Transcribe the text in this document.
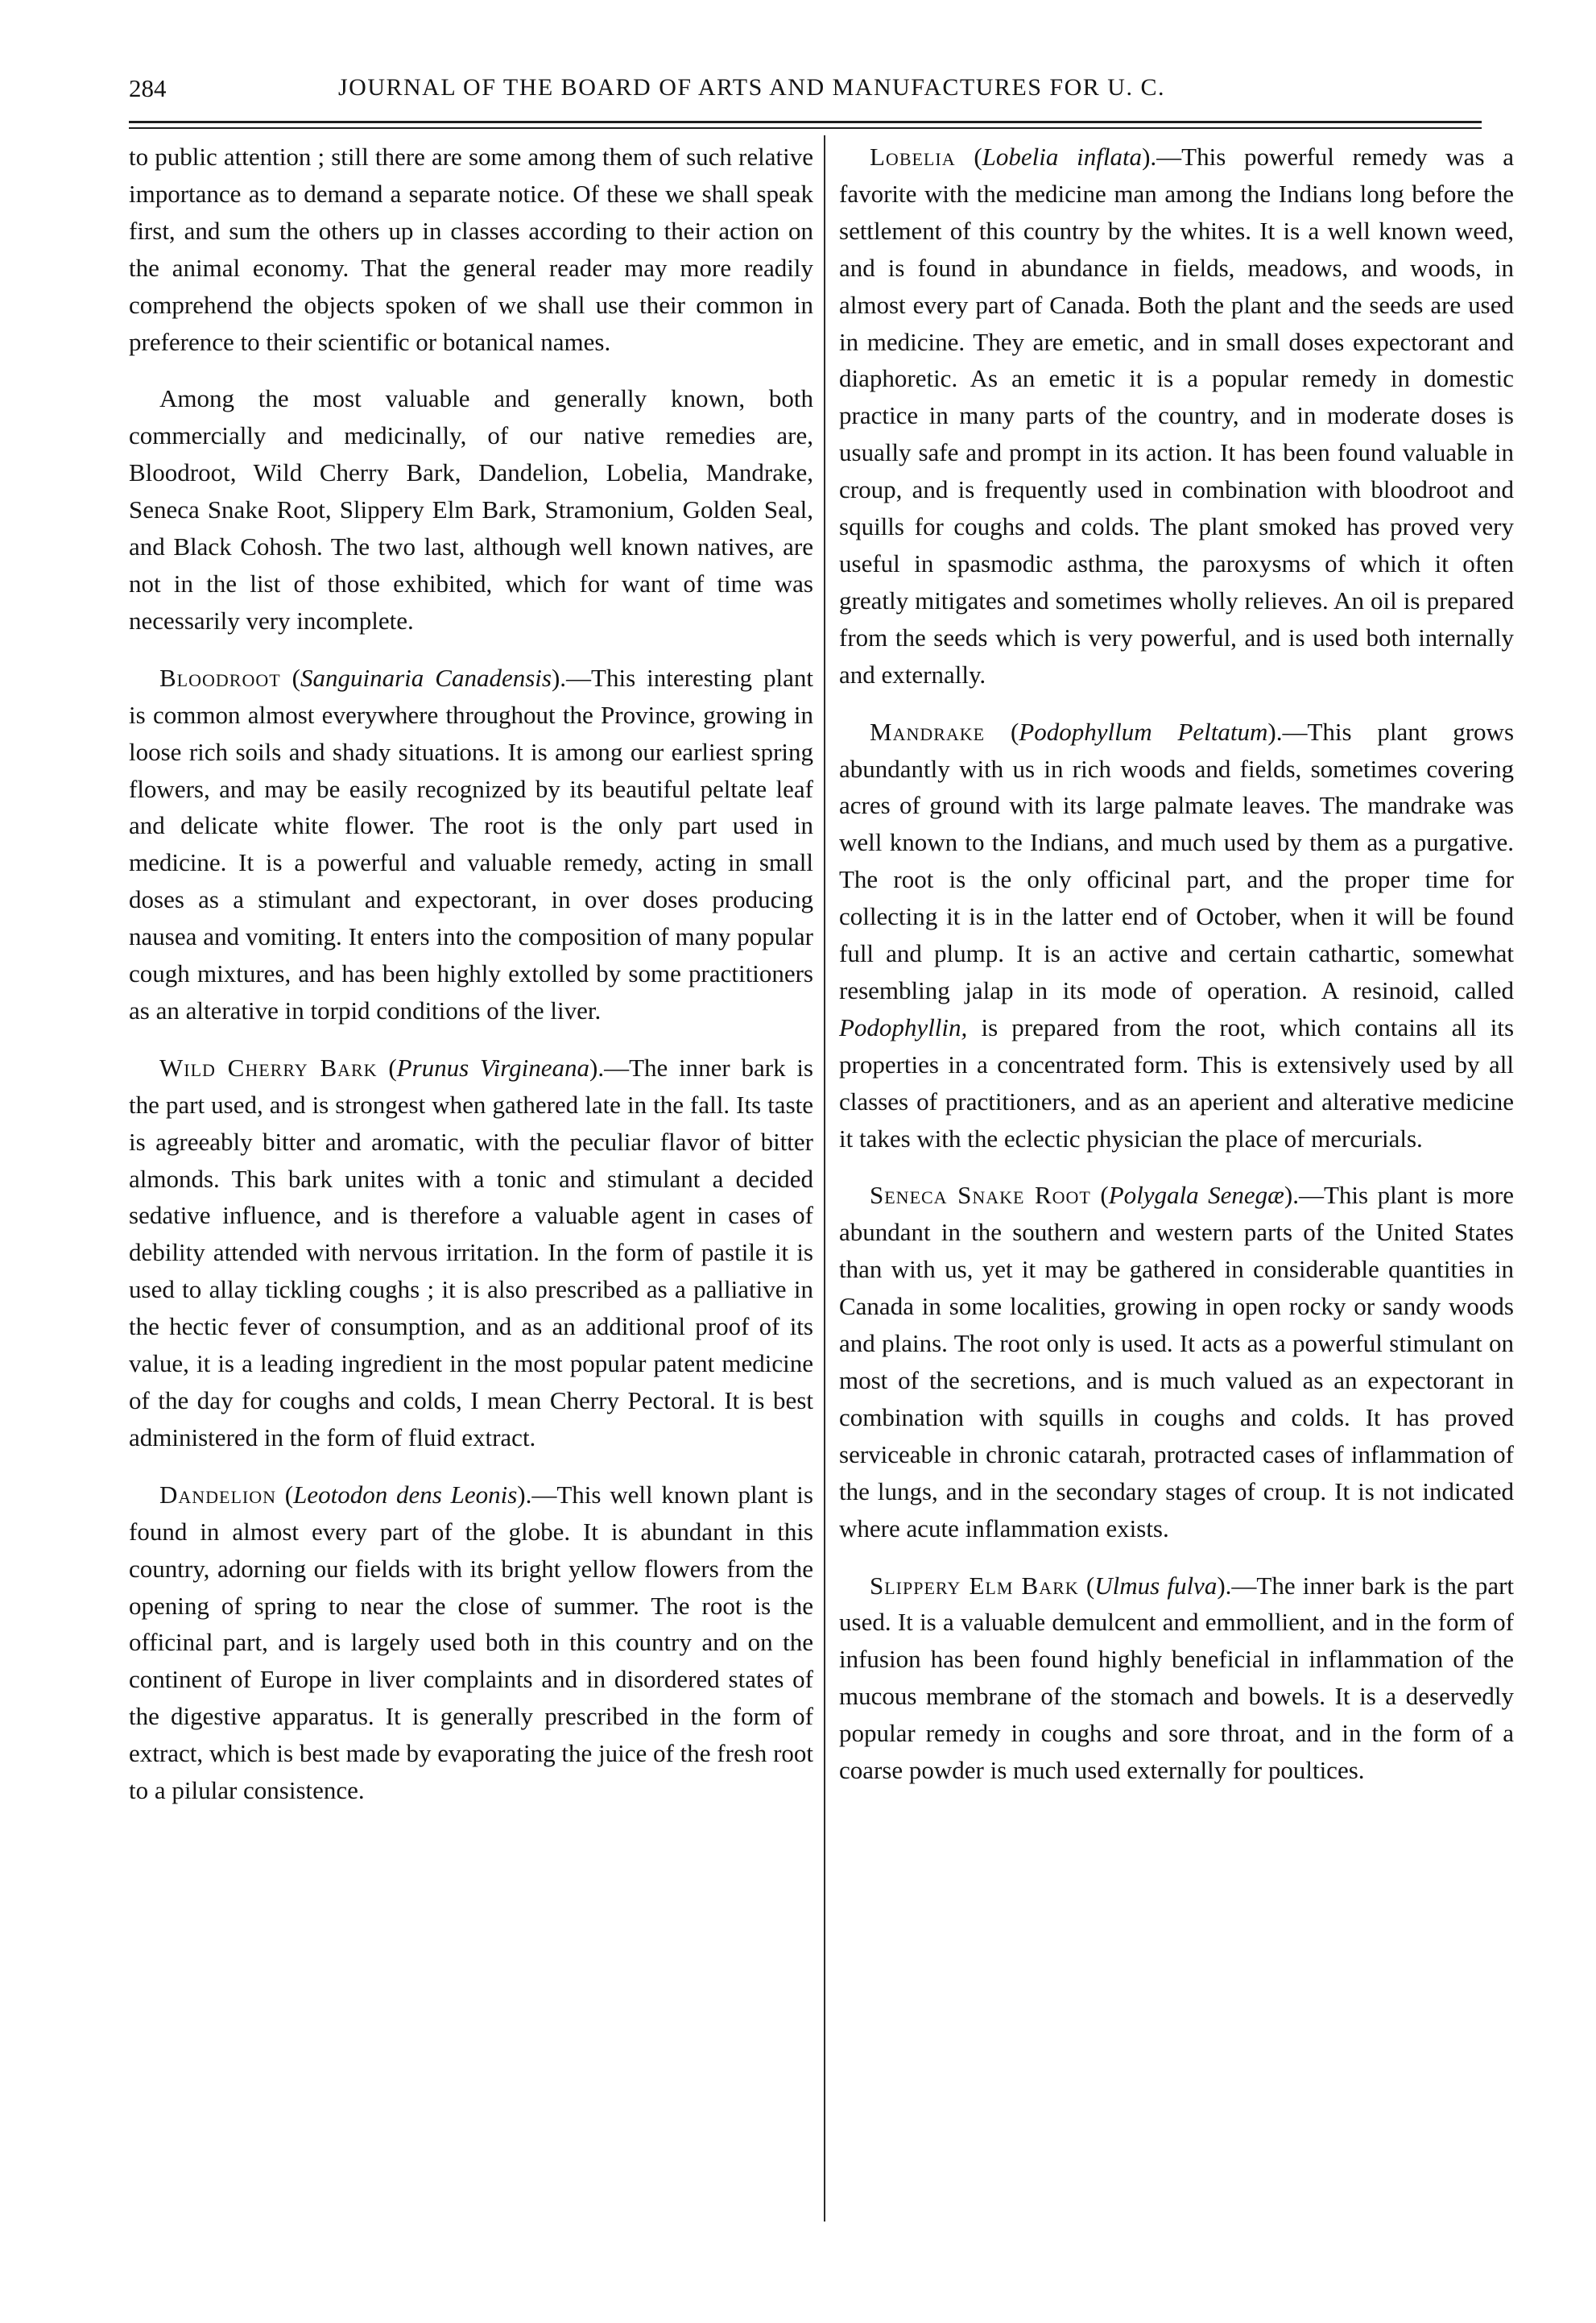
284	JOURNAL OF THE BOARD OF ARTS AND MANUFACTURES FOR U. C.

to public attention ; still there are some among them of such relative importance as to demand a separate notice. Of these we shall speak first, and sum the others up in classes according to their action on the animal economy. That the general reader may more readily comprehend the objects spoken of we shall use their common in preference to their scientific or botanical names.

Among the most valuable and generally known, both commercially and medicinally, of our native remedies are, Bloodroot, Wild Cherry Bark, Dandelion, Lobelia, Mandrake, Seneca Snake Root, Slippery Elm Bark, Stramonium, Golden Seal, and Black Cohosh. The two last, although well known natives, are not in the list of those exhibited, which for want of time was necessarily very incomplete.

Bloodroot (Sanguinaria Canadensis).—This interesting plant is common almost everywhere throughout the Province, growing in loose rich soils and shady situations. It is among our earliest spring flowers, and may be easily recognized by its beautiful peltate leaf and delicate white flower. The root is the only part used in medicine. It is a powerful and valuable remedy, acting in small doses as a stimulant and expectorant, in over doses producing nausea and vomiting. It enters into the composition of many popular cough mixtures, and has been highly extolled by some practitioners as an alterative in torpid conditions of the liver.

Wild Cherry Bark (Prunus Virgineana).—The inner bark is the part used, and is strongest when gathered late in the fall. Its taste is agreeably bitter and aromatic, with the peculiar flavor of bitter almonds. This bark unites with a tonic and stimulant a decided sedative influence, and is therefore a valuable agent in cases of debility attended with nervous irritation. In the form of pastile it is used to allay tickling coughs ; it is also prescribed as a palliative in the hectic fever of consumption, and as an additional proof of its value, it is a leading ingredient in the most popular patent medicine of the day for coughs and colds, I mean Cherry Pectoral. It is best administered in the form of fluid extract.

Dandelion (Leotodon dens Leonis).—This well known plant is found in almost every part of the globe. It is abundant in this country, adorning our fields with its bright yellow flowers from the opening of spring to near the close of summer. The root is the officinal part, and is largely used both in this country and on the continent of Europe in liver complaints and in disordered states of the digestive apparatus. It is generally prescribed in the form of extract, which is best made by evaporating the juice of the fresh root to a pilular consistence.

Lobelia (Lobelia inflata).—This powerful remedy was a favorite with the medicine man among the Indians long before the settlement of this country by the whites. It is a well known weed, and is found in abundance in fields, meadows, and woods, in almost every part of Canada. Both the plant and the seeds are used in medicine. They are emetic, and in small doses expectorant and diaphoretic. As an emetic it is a popular remedy in domestic practice in many parts of the country, and in moderate doses is usually safe and prompt in its action. It has been found valuable in croup, and is frequently used in combination with bloodroot and squills for coughs and colds. The plant smoked has proved very useful in spasmodic asthma, the paroxysms of which it often greatly mitigates and sometimes wholly relieves. An oil is prepared from the seeds which is very powerful, and is used both internally and externally.

Mandrake (Podophyllum Peltatum).—This plant grows abundantly with us in rich woods and fields, sometimes covering acres of ground with its large palmate leaves. The mandrake was well known to the Indians, and much used by them as a purgative. The root is the only officinal part, and the proper time for collecting it is in the latter end of October, when it will be found full and plump. It is an active and certain cathartic, somewhat resembling jalap in its mode of operation. A resinoid, called Podophyllin, is prepared from the root, which contains all its properties in a concentrated form. This is extensively used by all classes of practitioners, and as an aperient and alterative medicine it takes with the eclectic physician the place of mercurials.

Seneca Snake Root (Polygala Senegæ).—This plant is more abundant in the southern and western parts of the United States than with us, yet it may be gathered in considerable quantities in Canada in some localities, growing in open rocky or sandy woods and plains. The root only is used. It acts as a powerful stimulant on most of the secretions, and is much valued as an expectorant in combination with squills in coughs and colds. It has proved serviceable in chronic catarah, protracted cases of inflammation of the lungs, and in the secondary stages of croup. It is not indicated where acute inflammation exists.

Slippery Elm Bark (Ulmus fulva).—The inner bark is the part used. It is a valuable demulcent and emmollient, and in the form of infusion has been found highly beneficial in inflammation of the mucous membrane of the stomach and bowels. It is a deservedly popular remedy in coughs and sore throat, and in the form of a coarse powder is much used externally for poultices.
